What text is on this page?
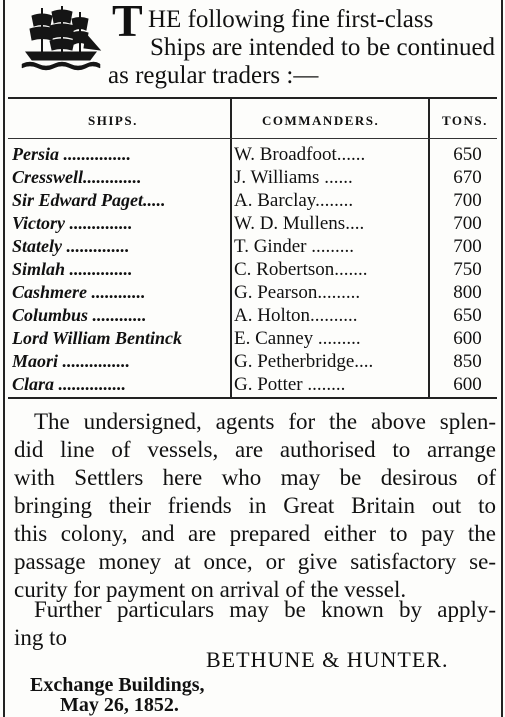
T HE following fine first-class
Ships are intended to be continued
as regular traders :—
SHIPS.	COMMANDERS.	TONS.
Persia ...............	W. Broadfoot......	650
Cresswell.............	J. Williams ......	670
Sir Edward Paget.....	A. Barclay........	700
Victory ..............	W. D. Mullens....	700
Stately ..............	T. Ginder .........	700
Simlah ..............	C. Robertson.......	750
Cashmere ............	G. Pearson.........	800
Columbus ............	A. Holton..........	650
Lord William Bentinck	E. Canney .........	600
Maori ...............	G. Petherbridge....	850
Clara ...............	G. Potter ........	600
The undersigned, agents for the above splen-
did line of vessels, are authorised to arrange
with Settlers here who may be desirous of
bringing their friends in Great Britain out to
this colony, and are prepared either to pay the
passage money at once, or give satisfactory se-
curity for payment on arrival of the vessel.
Further particulars may be known by apply-
ing to
BETHUNE & HUNTER.
Exchange Buildings,
May 26, 1852.
